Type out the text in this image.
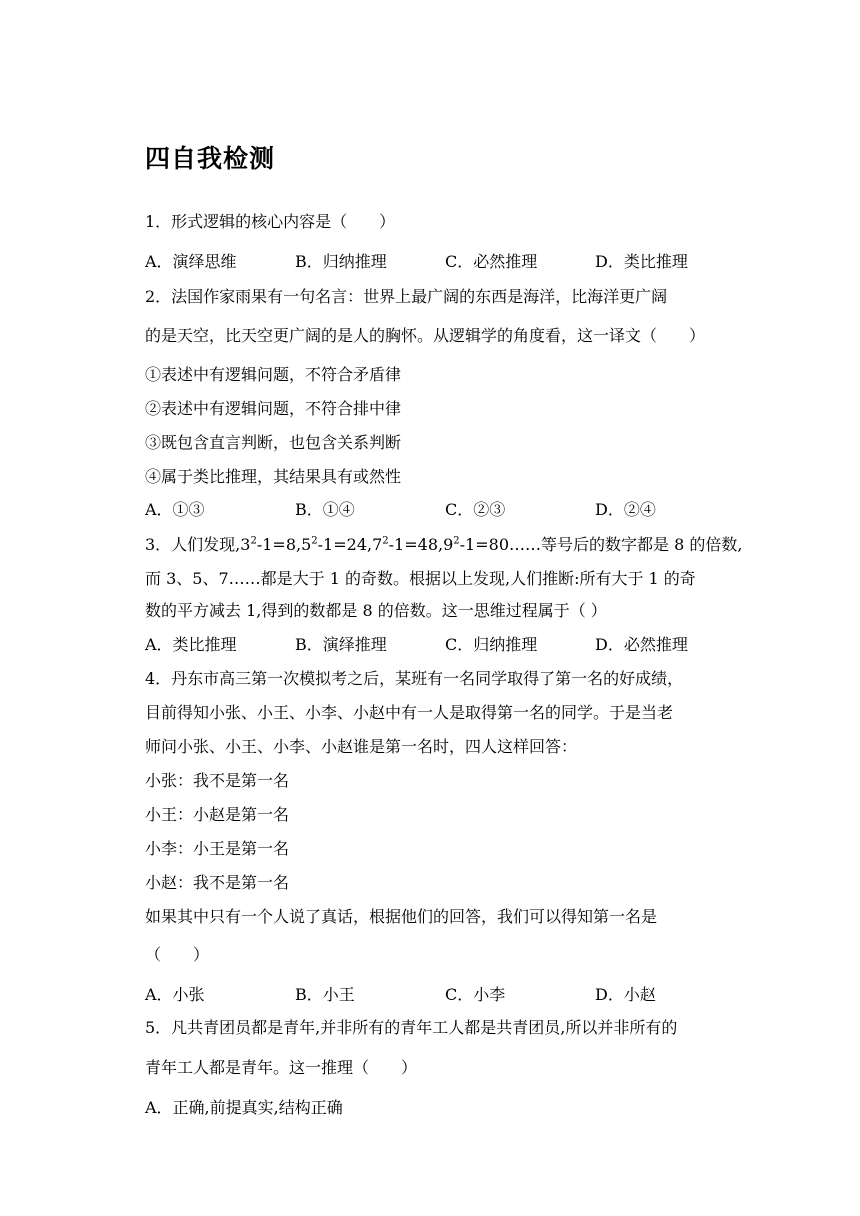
四自我检测
1．形式逻辑的核心内容是（　　）
A．演绎思维	B．归纳推理	C．必然推理	D．类比推理
2．法国作家雨果有一句名言：世界上最广阔的东西是海洋，比海洋更广阔
的是天空，比天空更广阔的是人的胸怀。从逻辑学的角度看，这一译文（　　）
①表述中有逻辑问题，不符合矛盾律
②表述中有逻辑问题，不符合排中律
③既包含直言判断，也包含关系判断
④属于类比推理，其结果具有或然性
A．①③	B．①④	C．②③	D．②④
3．人们发现$,3^2-1=8,5^2-1=24,7^2-1=48,9^2-1=80\dots\dots$等号后的数字都是 8 的倍数,
而 3、5、7……都是大于 1 的奇数。根据以上发现,人们推断:所有大于 1 的奇
数的平方减去 1,得到的数都是 8 的倍数。这一思维过程属于（ ）
A．类比推理	B．演绎推理	C．归纳推理	D．必然推理
4．丹东市高三第一次模拟考之后，某班有一名同学取得了第一名的好成绩，
目前得知小张、小王、小李、小赵中有一人是取得第一名的同学。于是当老
师问小张、小王、小李、小赵谁是第一名时，四人这样回答：
小张：我不是第一名
小王：小赵是第一名
小李：小王是第一名
小赵：我不是第一名
如果其中只有一个人说了真话，根据他们的回答，我们可以得知第一名是
（　　）
A．小张	B．小王	C．小李	D．小赵
5．凡共青团员都是青年,并非所有的青年工人都是共青团员,所以并非所有的
青年工人都是青年。这一推理（　　）
A．正确,前提真实,结构正确
